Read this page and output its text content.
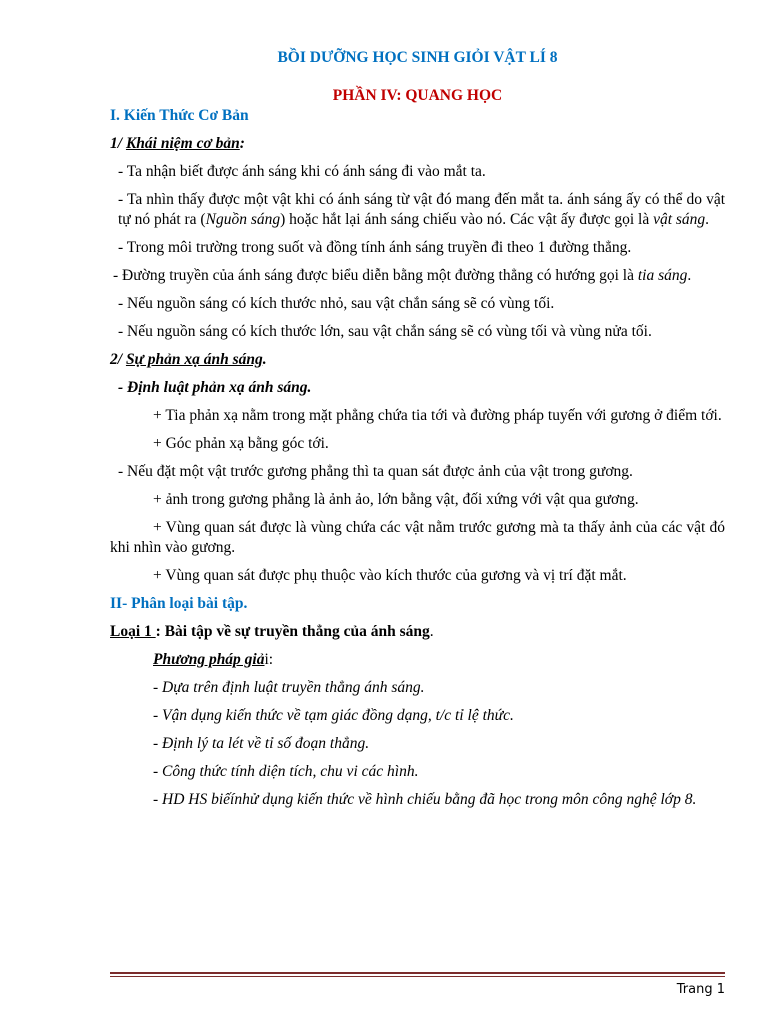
BỒI DƯỠNG HỌC SINH GIỎI VẬT LÍ 8

PHẦN IV: QUANG HỌC

I. Kiến Thức Cơ Bản

1/ Khái niệm cơ bản:

- Ta nhận biết được ánh sáng khi có ánh sáng đi vào mắt ta.

- Ta nhìn thấy được một vật khi có ánh sáng từ vật đó mang đến mắt ta. ánh sáng ấy có thể do vật tự nó phát ra (Nguồn sáng) hoặc hắt lại ánh sáng chiếu vào nó. Các vật ấy được gọi là vật sáng.

- Trong môi trường trong suốt và đồng tính ánh sáng truyền đi theo 1 đường thẳng.

- Đường truyền của ánh sáng được biểu diễn bằng một đường thẳng có hướng gọi là tia sáng.

- Nếu nguồn sáng có kích thước nhỏ, sau vật chắn sáng sẽ có vùng tối.

- Nếu nguồn sáng có kích thước lớn, sau vật chắn sáng sẽ có vùng tối và vùng nửa tối.

2/ Sự phản xạ ánh sáng.

- Định luật phản xạ ánh sáng.

+ Tia phản xạ nằm trong mặt phẳng chứa tia tới và đường pháp tuyến với gương ở điểm tới.

+ Góc phản xạ bằng góc tới.

- Nếu đặt một vật trước gương phẳng thì ta quan sát được ảnh của vật trong gương.

+ ảnh trong gương phẳng là ảnh ảo, lớn bằng vật, đối xứng với vật qua gương.

+ Vùng quan sát được là vùng chứa các vật nằm trước gương mà ta thấy ảnh của các vật đó khi nhìn vào gương.

+ Vùng quan sát được phụ thuộc vào kích thước của gương và vị trí đặt mắt.

II- Phân loại bài tập.

Loại 1 : Bài tập về sự truyền thẳng của ánh sáng.

Phương pháp giải:

- Dựa trên định luật truyền thẳng ánh sáng.

- Vận dụng kiến thức về tạm giác đồng dạng, t/c tỉ lệ thức.

- Định lý ta lét về tỉ số đoạn thẳng.

- Công thức tính diện tích, chu vi các hình.

- HD HS biếínhử dụng kiến thức về hình chiếu bằng đã học trong môn công nghệ lớp 8.

Trang 1
